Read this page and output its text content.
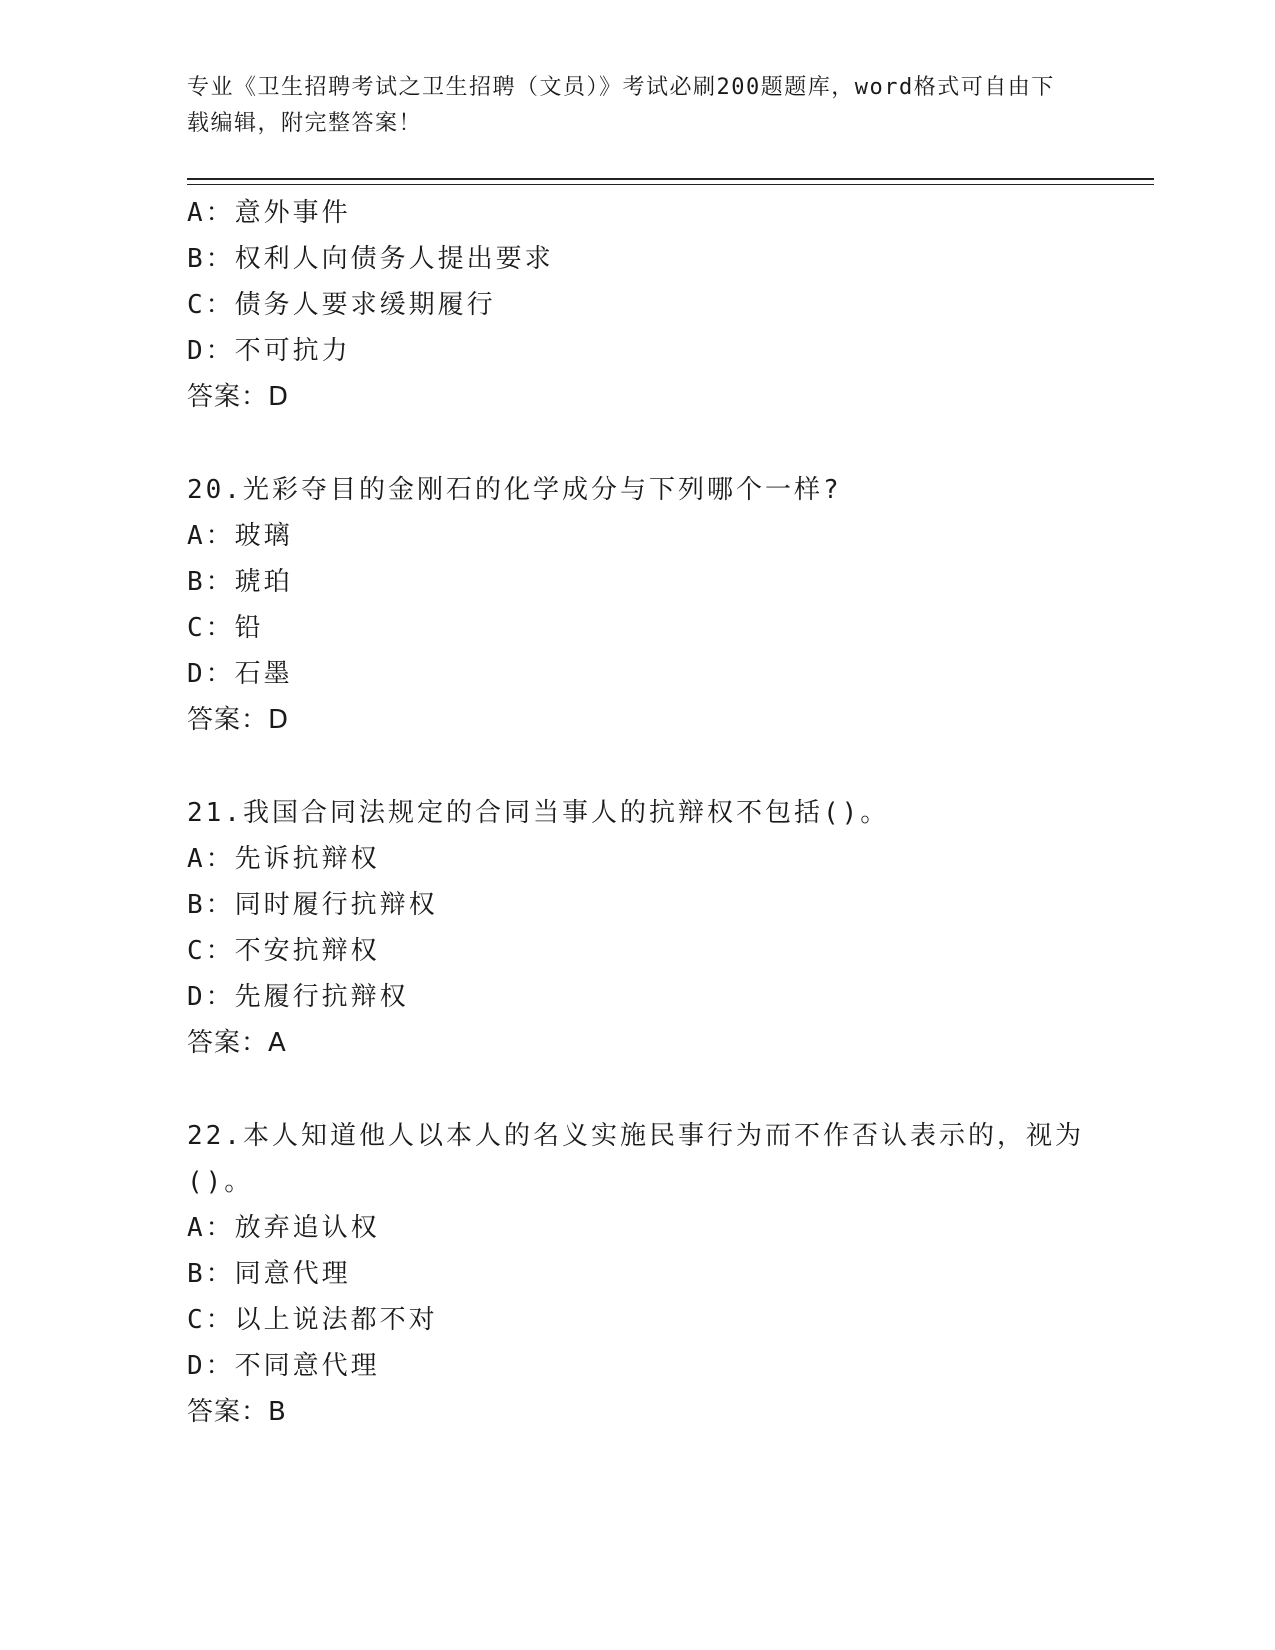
专业《卫生招聘考试之卫生招聘（文员）》考试必刷200题题库，word格式可自由下载编辑，附完整答案！
A：意外事件
B：权利人向债务人提出要求
C：债务人要求缓期履行
D：不可抗力
答案：D
20.光彩夺目的金刚石的化学成分与下列哪个一样?
A：玻璃
B：琥珀
C：铅
D：石墨
答案：D
21.我国合同法规定的合同当事人的抗辩权不包括()。
A：先诉抗辩权
B：同时履行抗辩权
C：不安抗辩权
D：先履行抗辩权
答案：A
22.本人知道他人以本人的名义实施民事行为而不作否认表示的，视为()。
A：放弃追认权
B：同意代理
C：以上说法都不对
D：不同意代理
答案：B
